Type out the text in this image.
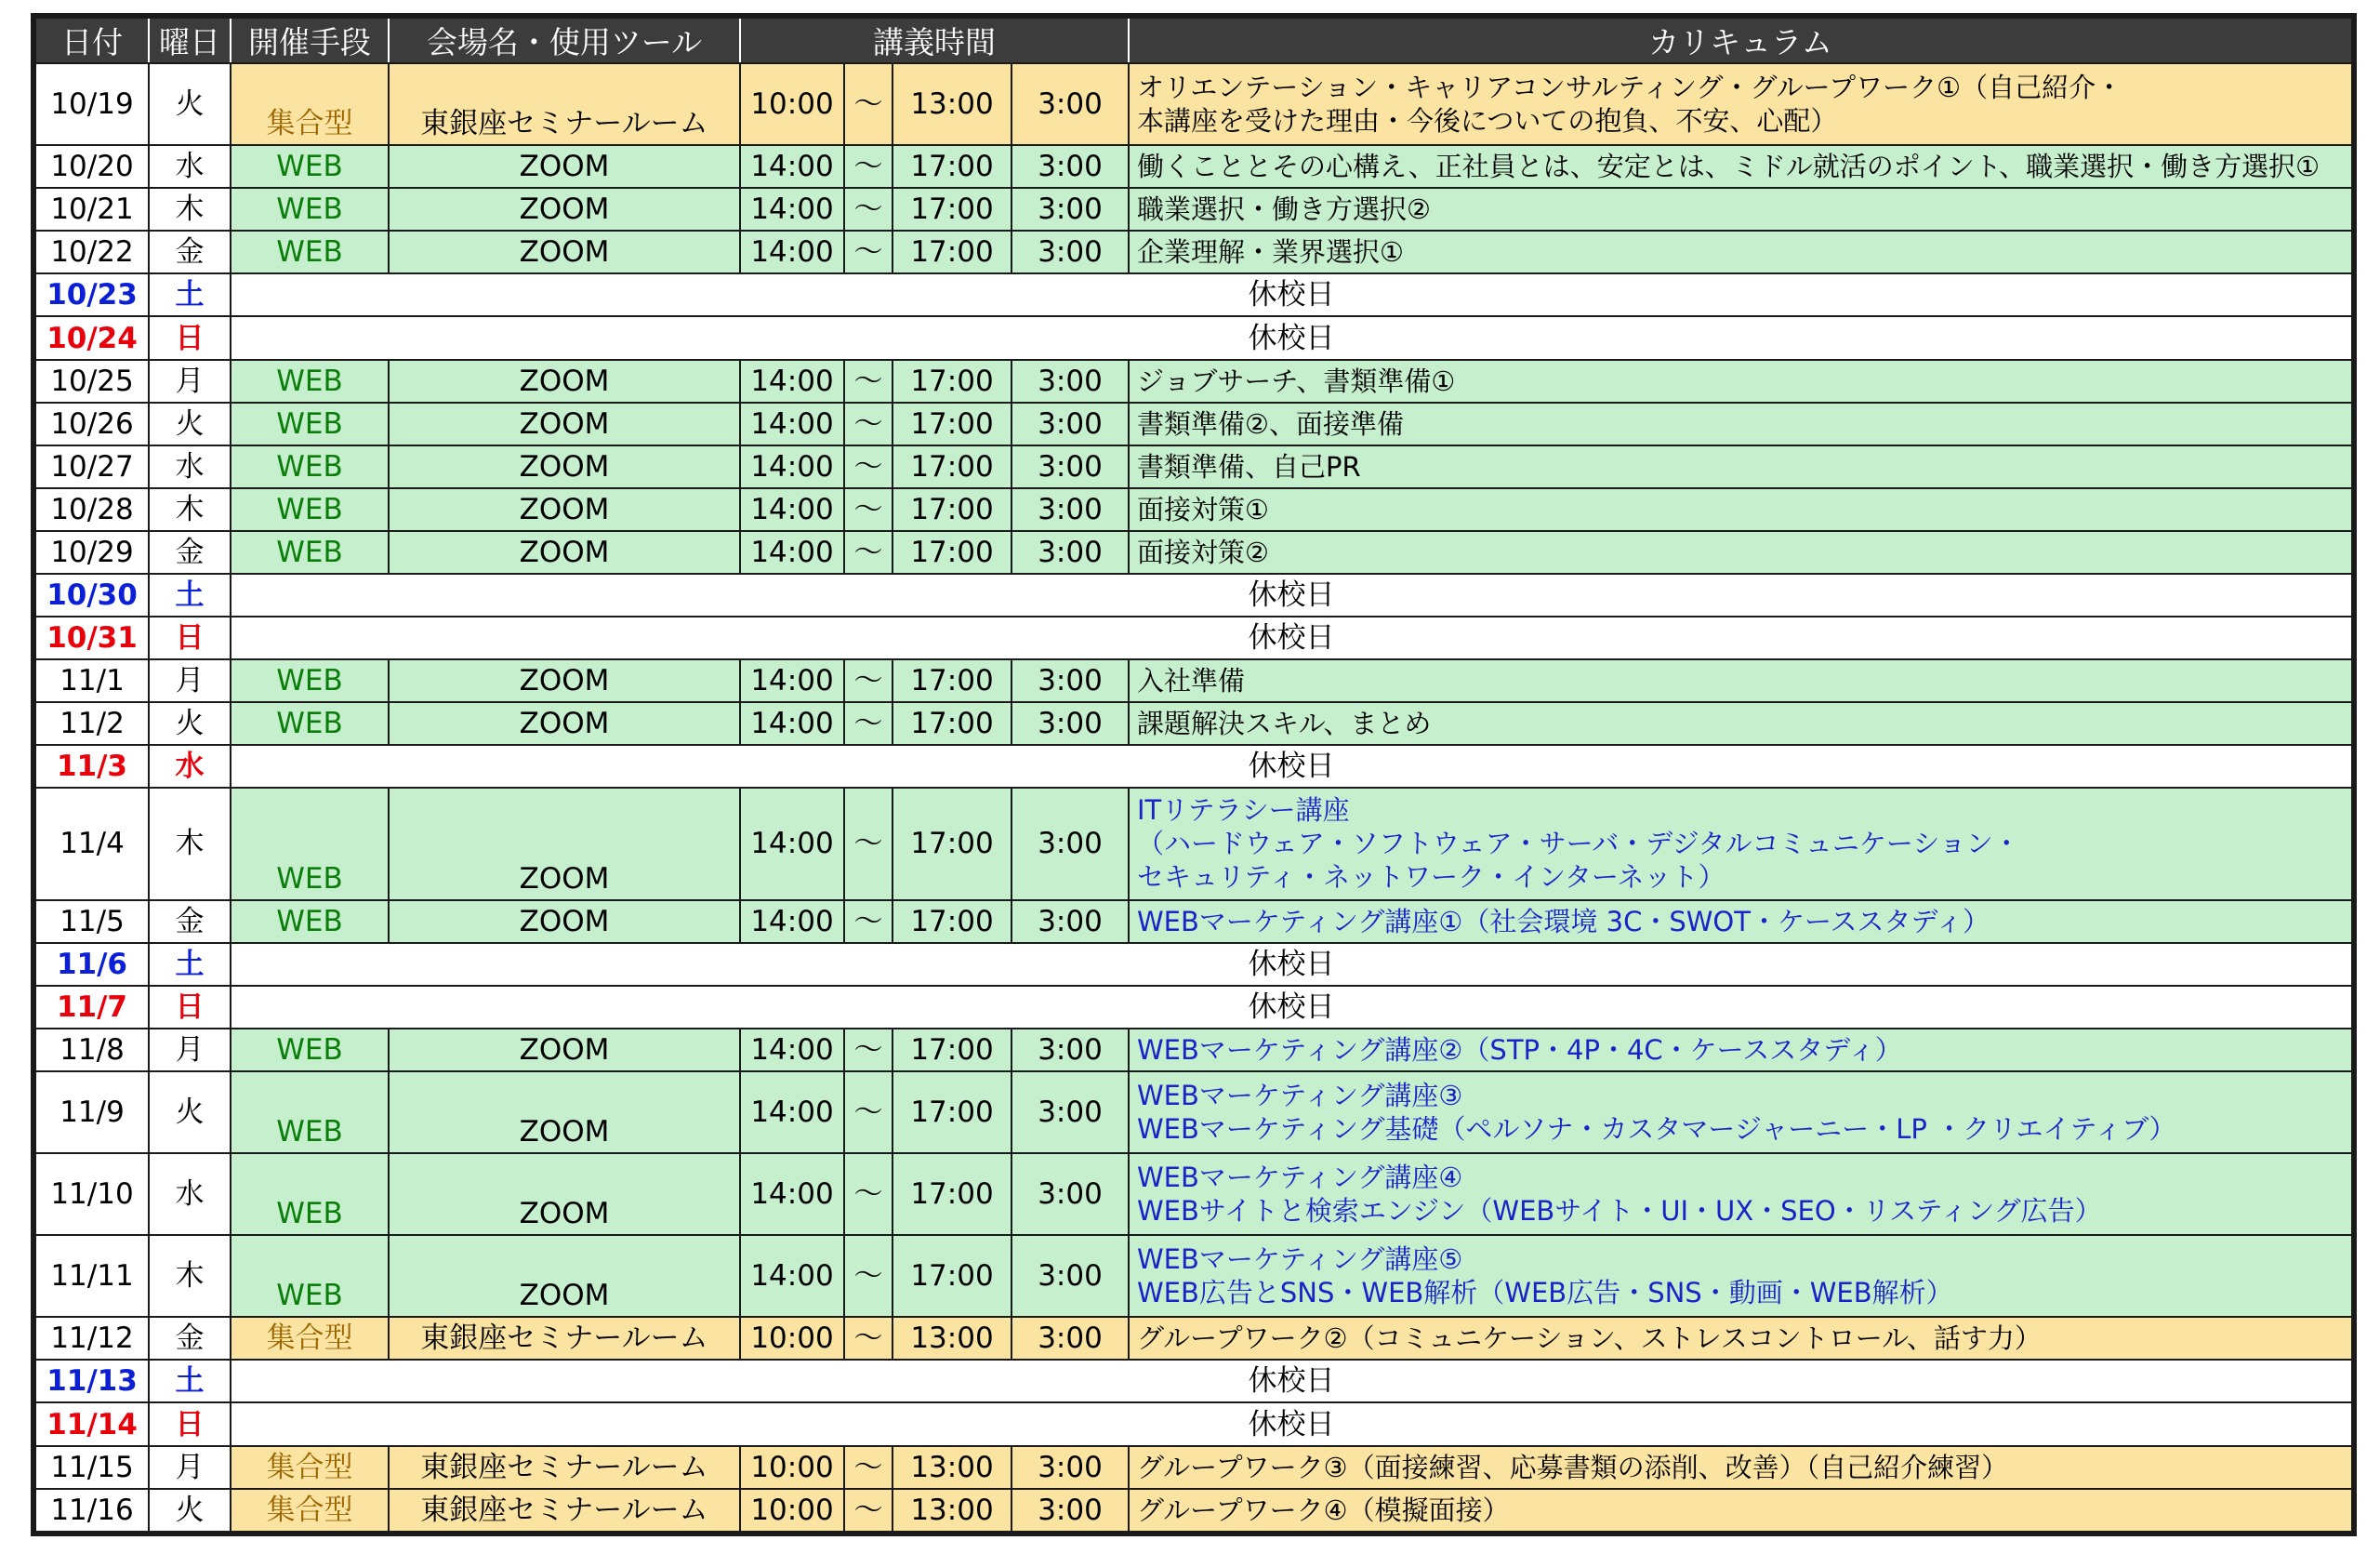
日付	曜日	開催手段	会場名・使用ツール	講義時間				カリキュラム
10/19	火	集合型	東銀座セミナールーム	10:00	〜	13:00	3:00	オリエンテーション・キャリアコンサルティング・グループワーク①（自己紹介・
本講座を受けた理由・今後についての抱負、不安、心配）

10/20	水	WEB	ZOOM	14:00	〜	17:00	3:00	働くこととその心構え、正社員とは、安定とは、ミドル就活のポイント、職業選択・働き方選択①

10/21	木	WEB	ZOOM	14:00	〜	17:00	3:00	職業選択・働き方選択②

10/22	金	WEB	ZOOM	14:00	〜	17:00	3:00	企業理解・業界選択①

10/23	土	休校日						
10/24	日	休校日						
10/25	月	WEB	ZOOM	14:00	〜	17:00	3:00	ジョブサーチ、書類準備①

10/26	火	WEB	ZOOM	14:00	〜	17:00	3:00	書類準備②、面接準備

10/27	水	WEB	ZOOM	14:00	〜	17:00	3:00	書類準備、自己PR

10/28	木	WEB	ZOOM	14:00	〜	17:00	3:00	面接対策①

10/29	金	WEB	ZOOM	14:00	〜	17:00	3:00	面接対策②

10/30	土	休校日						
10/31	日	休校日						
11/1	月	WEB	ZOOM	14:00	〜	17:00	3:00	入社準備

11/2	火	WEB	ZOOM	14:00	〜	17:00	3:00	課題解決スキル、まとめ

11/3	水	休校日						
11/4	木	WEB	ZOOM	14:00	〜	17:00	3:00	ITリテラシー講座
（ハードウェア・ソフトウェア・サーバ・デジタルコミュニケーション・
セキュリティ・ネットワーク・インターネット）

11/5	金	WEB	ZOOM	14:00	〜	17:00	3:00	WEBマーケティング講座①（社会環境 3C・SWOT・ケーススタディ）

11/6	土	休校日						
11/7	日	休校日						
11/8	月	WEB	ZOOM	14:00	〜	17:00	3:00	WEBマーケティング講座②（STP・4P・4C・ケーススタディ）

11/9	火	WEB	ZOOM	14:00	〜	17:00	3:00	WEBマーケティング講座③
WEBマーケティング基礎（ペルソナ・カスタマージャーニー・LP ・クリエイティブ）

11/10	水	WEB	ZOOM	14:00	〜	17:00	3:00	WEBマーケティング講座④
WEBサイトと検索エンジン（WEBサイト・UI・UX・SEO・リスティング広告）

11/11	木	WEB	ZOOM	14:00	〜	17:00	3:00	WEBマーケティング講座⑤
WEB広告とSNS・WEB解析（WEB広告・SNS・動画・WEB解析）

11/12	金	集合型	東銀座セミナールーム	10:00	〜	13:00	3:00	グループワーク②（コミュニケーション、ストレスコントロール、話す力）

11/13	土	休校日						
11/14	日	休校日						
11/15	月	集合型	東銀座セミナールーム	10:00	〜	13:00	3:00	グループワーク③（面接練習、応募書類の添削、改善）（自己紹介練習）

11/16	火	集合型	東銀座セミナールーム	10:00	〜	13:00	3:00	グループワーク④（模擬面接）
